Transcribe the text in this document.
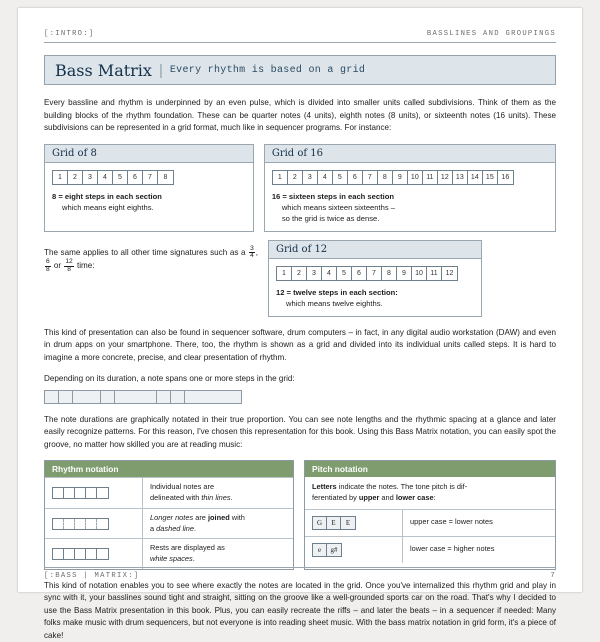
[:INTRO:]	BASSLINES AND GROUPINGS
Bass Matrix | Every rhythm is based on a grid

Every bassline and rhythm is underpinned by an even pulse, which is divided into smaller units called subdivisions. Think of them as the building blocks of the rhythm foundation. These can be quarter notes (4 units), eighth notes (8 units), or sixteenth notes (16 units). These subdivisions can be represented in a grid format, much like in sequencer programs. For instance:

Grid of 8
1	2	3	4	5	6	7	8
8 = eight steps in each section
which means eight eighths.
Grid of 16
1	2	3	4	5	6	7	8	9	10	11	12	13	14	15	16
16 = sixteen steps in each section
which means sixteen sixteenths –
so the grid is twice as dense.
The same applies to all other time signatures such as a $\frac{3}{4}$ ,
$\frac{6}{8}$ or $\frac{12}{8}$ time:
Grid of 12
1	2	3	4	5	6	7	8	9	10	11	12
12 = twelve steps in each section:
which means twelve eighths.

This kind of presentation can also be found in sequencer software, drum computers – in fact, in any digital audio workstation (DAW) and even in drum apps on your smartphone. There, too, the rhythm is shown as a grid and divided into its individual units called steps. It is hard to imagine a more concrete, precise, and clear presentation of rhythm.

Depending on its duration, a note spans one or more steps in the grid:

The note durations are graphically notated in their true proportion. You can see note lengths and the rhythmic spacing at a glance and later easily recognize patterns. For this reason, I've chosen this representation for this book. Using this Bass Matrix notation, you can easily spot the groove, no matter how skilled you are at reading music:

Rhythm notation
Individual notes are
delineated with thin lines.
Longer notes are joined with
a dashed line.
Rests are displayed as
white spaces.
Pitch notation
Letters indicate the notes. The tone pitch is dif-
ferentiated by upper and lower case:
G	E	E	upper case = lower notes
e	g#	lower case = higher notes

This kind of notation enables you to see where exactly the notes are located in the grid. Once you've internalized this rhythm grid and play in sync with it, your basslines sound tight and straight, sitting on the groove like a well-grounded sports car on the road. That's why I decided to use the Bass Matrix presentation in this book. Plus, you can easily recreate the riffs – and later the beats – in a sequencer if needed: Many folks make music with drum sequencers, but not everyone is into reading sheet music. With the bass matrix notation in grid form, it's a piece of cake!

[:BASS | MATRIX:]	7
